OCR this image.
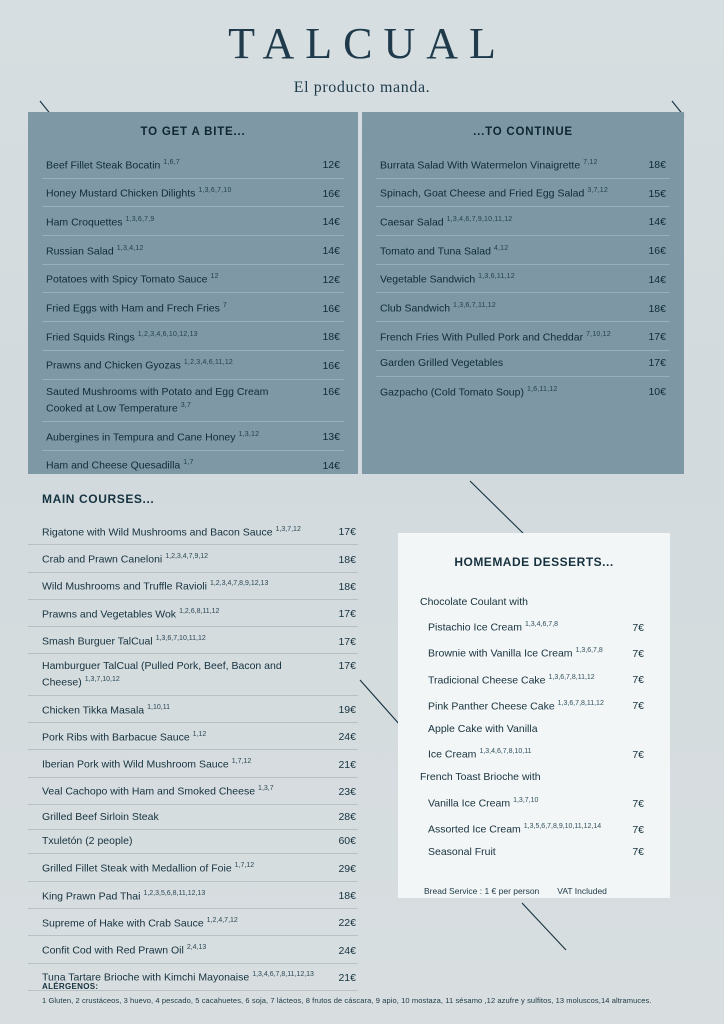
TALCUAL
El producto manda.
TO GET A BITE...
Beef Fillet Steak Bocatin $^{1,6,7}$	12€
Honey Mustard Chicken Dilights $^{1,3,6,7,10}$	16€
Ham Croquettes $^{1,3,6,7,9}$	14€
Russian Salad $^{1,3,4,12}$	14€
Potatoes with Spicy Tomato Sauce $^{12}$	12€
Fried Eggs with Ham and Frech Fries $^7$	16€
Fried Squids Rings $^{1,2,3,4,6,10,12,13}$	18€
Prawns and Chicken Gyozas $^{1,2,3,4,6,11,12}$	16€
Sauted Mushrooms with Potato and Egg Cream Cooked at Low Temperature $^{3,7}$
16€
Aubergines in Tempura and Cane Honey $^{1,3,12}$	13€
Ham and Cheese Quesadilla $^{1,7}$	14€
...TO CONTINUE
Burrata Salad With Watermelon Vinaigrette $^{7,12}$	18€
Spinach, Goat Cheese and Fried Egg Salad $^{3,7,12}$	15€
Caesar Salad $^{1,3,4,6,7,9,10,11,12}$	14€
Tomato and Tuna Salad $^{4,12}$	16€
Vegetable Sandwich $^{1,3,6,11,12}$	14€
Club Sandwich $^{1,3,6,7,11,12}$	18€
French Fries With Pulled Pork and Cheddar $^{7,10,12}$	17€
Garden Grilled Vegetables	17€
Gazpacho (Cold Tomato Soup) $^{1,6,11,12}$	10€
MAIN COURSES...
Rigatone with Wild Mushrooms and Bacon Sauce $^{1,3,7,12}$	17€
Crab and Prawn Caneloni $^{1,2,3,4,7,9,12}$	18€
Wild Mushrooms and Truffle Ravioli $^{1,2,3,4,7,8,9,12,13}$	18€
Prawns and Vegetables Wok $^{1,2,6,8,11,12}$	17€
Smash Burguer TalCual $^{1,3,6,7,10,11,12}$	17€
Hamburguer TalCual (Pulled Pork, Beef, Bacon and Cheese) $^{1,3,7,10,12}$
17€
Chicken Tikka Masala $^{1,10,11}$	19€
Pork Ribs with Barbacue Sauce $^{1,12}$	24€
Iberian Pork with Wild Mushroom Sauce $^{1,7,12}$	21€
Veal Cachopo with Ham and Smoked Cheese $^{1,3,7}$	23€
Grilled Beef Sirloin Steak	28€
Txuletón (2 people)	60€
Grilled Fillet Steak with Medallion of Foie $^{1,7,12}$	29€
King Prawn Pad Thai $^{1,2,3,5,6,8,11,12,13}$	18€
Supreme of Hake with Crab Sauce $^{1,2,4,7,12}$	22€
Confit Cod with Red Prawn Oil $^{2,4,13}$	24€
Tuna Tartare Brioche with Kimchi Mayonaise $^{1,3,4,6,7,8,11,12,13}$	21€
HOMEMADE DESSERTS...
Chocolate Coulant with
Pistachio Ice Cream $^{1,3,4,6,7,8}$	7€
Brownie with Vanilla Ice Cream $^{1,3,6,7,8}$	7€
Tradicional Cheese Cake $^{1,3,6,7,8,11,12}$	7€
Pink Panther Cheese Cake $^{1,3,6,7,8,11,12}$	7€
Apple Cake with Vanilla
Ice Cream $^{1,3,4,6,7,8,10,11}$	7€
French Toast Brioche with
Vanilla Ice Cream $^{1,3,7,10}$	7€
Assorted Ice Cream $^{1,3,5,6,7,8,9,10,11,12,14}$	7€
Seasonal Fruit	7€
Bread Service : 1 € per person VAT Included
ALÉRGENOS:
1 Gluten, 2 crustáceos, 3 huevo, 4 pescado, 5 cacahuetes, 6 soja, 7 lácteos, 8 frutos de cáscara, 9 apio, 10 mostaza, 11 sésamo ,12 azufre y sulfitos, 13 moluscos,14 altramuces.
